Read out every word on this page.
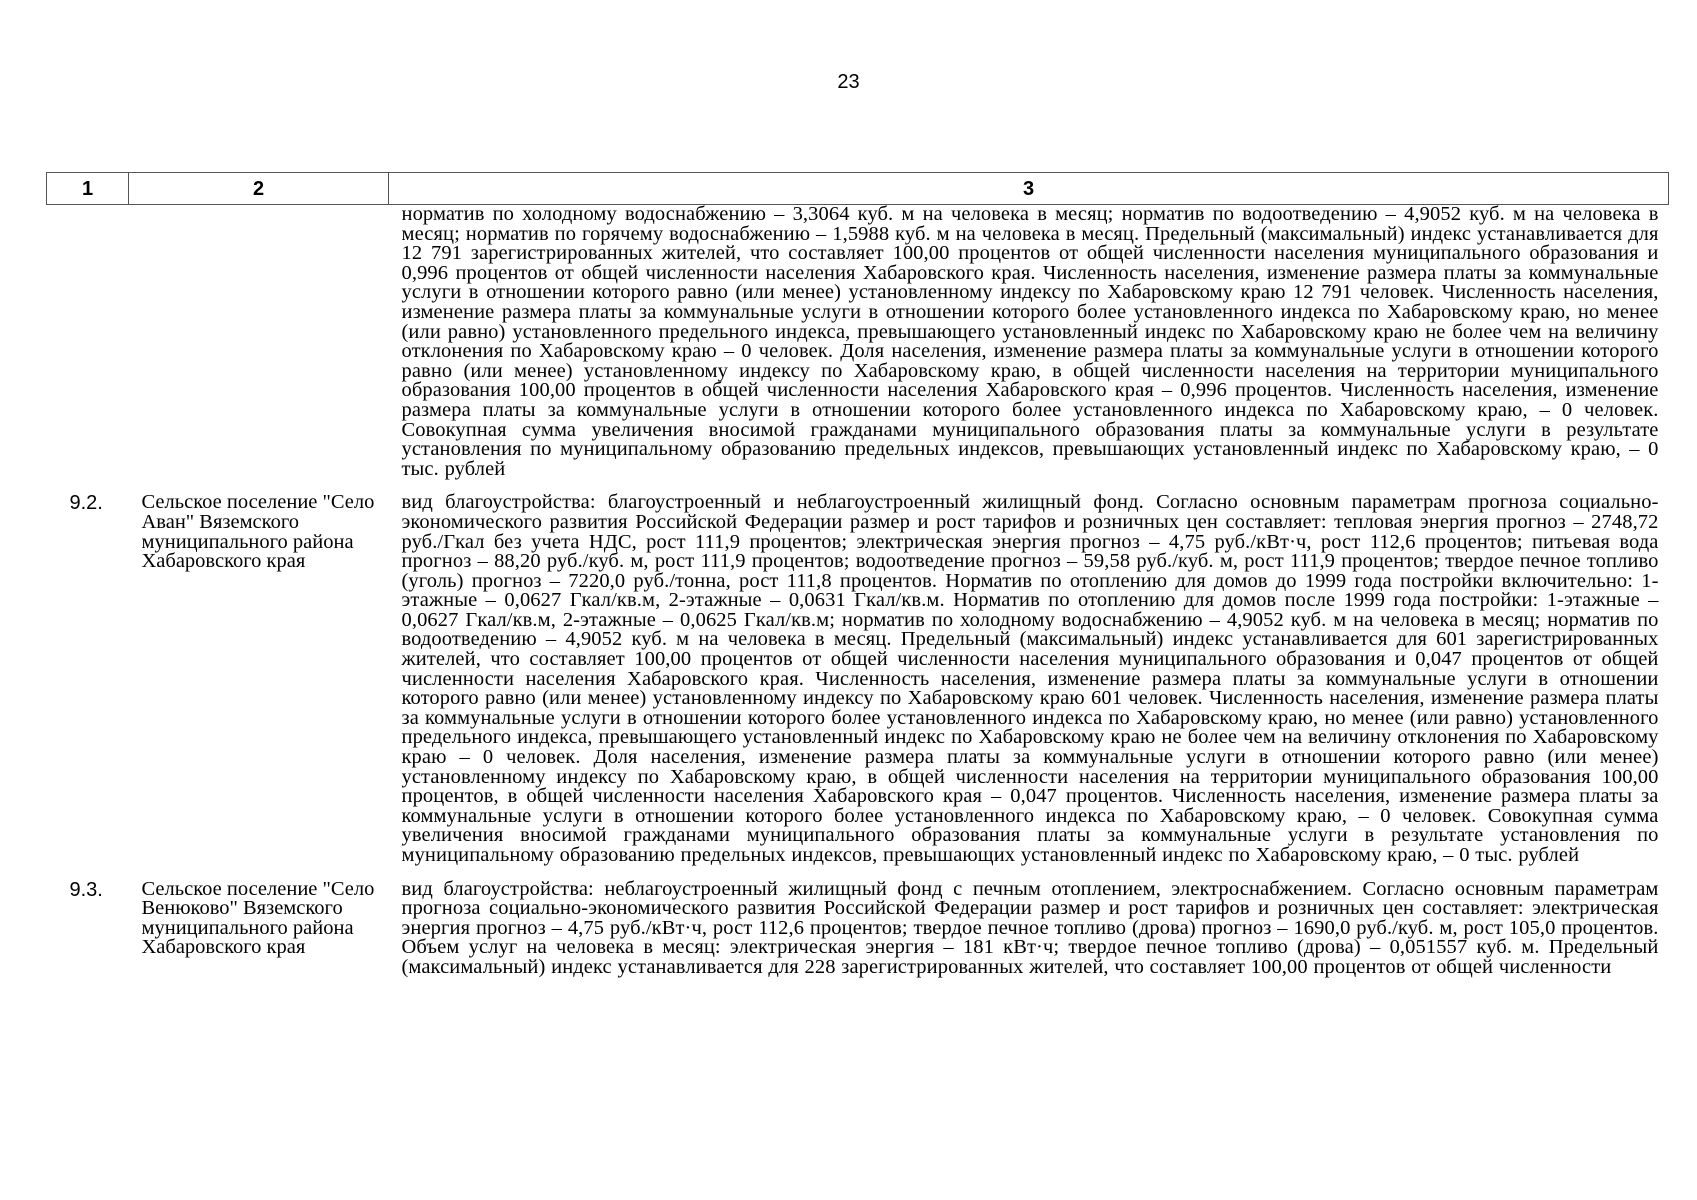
23
1	2	3
		норматив по холодному водоснабжению – 3,3064 куб. м на человека в месяц; норматив по водоотведению – 4,9052 куб. м на человека в месяц; норматив по горячему водоснабжению – 1,5988 куб. м на человека в месяц. Предельный (максимальный) индекс устанавливается для 12 791 зарегистрированных жителей, что составляет 100,00 процентов от общей численности населения муниципального образования и 0,996 процентов от общей численности населения Хабаровского края. Численность населения, изменение размера платы за коммунальные услуги в отношении которого равно (или менее) установленному индексу по Хабаровскому краю 12 791 человек. Численность населения, изменение размера платы за коммунальные услуги в отношении которого более установленного индекса по Хабаровскому краю, но менее (или равно) установленного предельного индекса, превышающего установленный индекс по Хабаровскому краю не более чем на величину отклонения по Хабаровскому краю – 0 человек. Доля населения, изменение размера платы за коммунальные услуги в отношении которого равно (или менее) установленному индексу по Хабаровскому краю, в общей численности населения на территории муниципального образования 100,00 процентов в общей численности населения Хабаровского края – 0,996 процентов. Численность населения, изменение размера платы за коммунальные услуги в отношении которого более установленного индекса по Хабаровскому краю, – 0 человек. Совокупная сумма увеличения вносимой гражданами муниципального образования платы за коммунальные услуги в результате установления по муниципальному образованию предельных индексов, превышающих установленный индекс по Хабаровскому краю, – 0 тыс. рублей

9.2.	Сельское поселение "Село Аван" Вяземского муниципального района Хабаровского края	вид благоустройства: благоустроенный и неблагоустроенный жилищный фонд. Согласно основным параметрам прогноза социально-экономического развития Российской Федерации размер и рост тарифов и розничных цен составляет: тепловая энергия прогноз – 2748,72 руб./Гкал без учета НДС, рост 111,9 процентов; электрическая энергия прогноз – 4,75 руб./кВт·ч, рост 112,6 процентов; питьевая вода прогноз – 88,20 руб./куб. м, рост 111,9 процентов; водоотведение прогноз – 59,58 руб./куб. м, рост 111,9 процентов; твердое печное топливо (уголь) прогноз – 7220,0 руб./тонна, рост 111,8 процентов. Норматив по отоплению для домов до 1999 года постройки включительно: 1-этажные – 0,0627 Гкал/кв.м, 2-этажные – 0,0631 Гкал/кв.м. Норматив по отоплению для домов после 1999 года постройки: 1-этажные – 0,0627 Гкал/кв.м, 2-этажные – 0,0625 Гкал/кв.м; норматив по холодному водоснабжению – 4,9052 куб. м на человека в месяц; норматив по водоотведению – 4,9052 куб. м на человека в месяц. Предельный (максимальный) индекс устанавливается для 601 зарегистрированных жителей, что составляет 100,00 процентов от общей численности населения муниципального образования и 0,047 процентов от общей численности населения Хабаровского края. Численность населения, изменение размера платы за коммунальные услуги в отношении которого равно (или менее) установленному индексу по Хабаровскому краю 601 человек. Численность населения, изменение размера платы за коммунальные услуги в отношении которого более установленного индекса по Хабаровскому краю, но менее (или равно) установленного предельного индекса, превышающего установленный индекс по Хабаровскому краю не более чем на величину отклонения по Хабаровскому краю – 0 человек. Доля населения, изменение размера платы за коммунальные услуги в отношении которого равно (или менее) установленному индексу по Хабаровскому краю, в общей численности населения на территории муниципального образования 100,00 процентов, в общей численности населения Хабаровского края – 0,047 процентов. Численность населения, изменение размера платы за коммунальные услуги в отношении которого более установленного индекса по Хабаровскому краю, – 0 человек. Совокупная сумма увеличения вносимой гражданами муниципального образования платы за коммунальные услуги в результате установления по муниципальному образованию предельных индексов, превышающих установленный индекс по Хабаровскому краю, – 0 тыс. рублей

9.3.	Сельское поселение "Село Венюково" Вяземского муниципального района Хабаровского края	вид благоустройства: неблагоустроенный жилищный фонд с печным отоплением, электроснабжением. Согласно основным параметрам прогноза социально-экономического развития Российской Федерации размер и рост тарифов и розничных цен составляет: электрическая энергия прогноз – 4,75 руб./кВт·ч, рост 112,6 процентов; твердое печное топливо (дрова) прогноз – 1690,0 руб./куб. м, рост 105,0 процентов. Объем услуг на человека в месяц: электрическая энергия – 181 кВт·ч; твердое печное топливо (дрова) – 0,051557 куб. м. Предельный (максимальный) индекс устанавливается для 228 зарегистрированных жителей, что составляет 100,00 процентов от общей численности
